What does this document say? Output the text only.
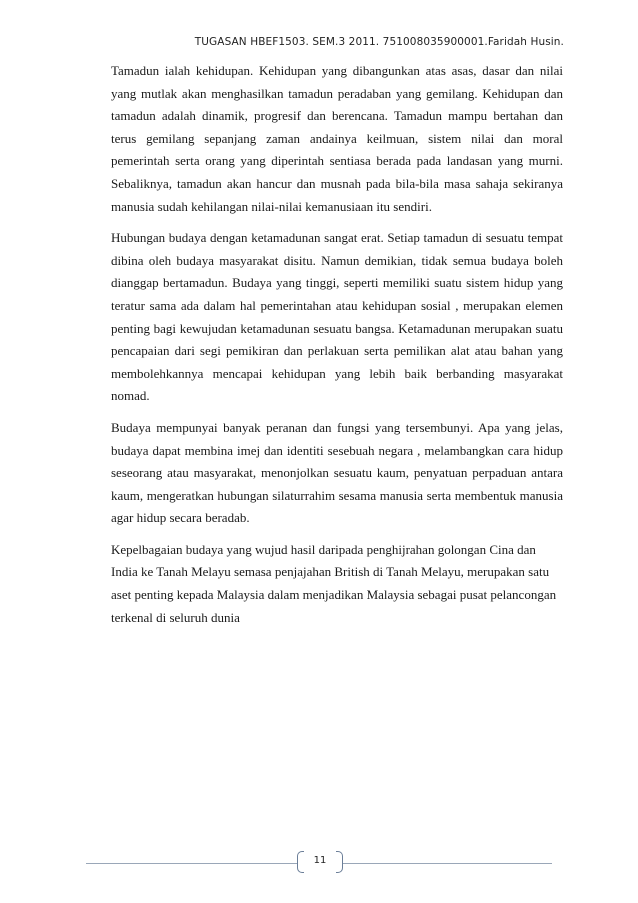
TUGASAN HBEF1503. SEM.3 2011. 751008035900001.Faridah Husin.

Tamadun ialah kehidupan. Kehidupan yang dibangunkan atas asas, dasar dan nilai yang mutlak akan menghasilkan tamadun peradaban yang gemilang. Kehidupan dan tamadun adalah dinamik, progresif dan berencana. Tamadun mampu bertahan dan terus gemilang sepanjang zaman andainya keilmuan, sistem nilai dan moral pemerintah serta orang yang diperintah sentiasa berada pada landasan yang murni. Sebaliknya, tamadun akan hancur dan musnah pada bila-bila masa sahaja sekiranya manusia sudah kehilangan nilai-nilai kemanusiaan itu sendiri.

Hubungan budaya dengan ketamadunan sangat erat. Setiap tamadun di sesuatu tempat dibina oleh budaya masyarakat disitu. Namun demikian, tidak semua budaya boleh dianggap bertamadun. Budaya yang tinggi, seperti memiliki suatu sistem hidup yang teratur sama ada dalam hal pemerintahan atau kehidupan sosial , merupakan elemen penting bagi kewujudan ketamadunan sesuatu bangsa. Ketamadunan merupakan suatu pencapaian dari segi pemikiran dan perlakuan serta pemilikan alat atau bahan yang membolehkannya mencapai kehidupan yang lebih baik berbanding masyarakat nomad.

Budaya mempunyai banyak peranan dan fungsi yang tersembunyi. Apa yang jelas, budaya dapat membina imej dan identiti sesebuah negara , melambangkan cara hidup seseorang atau masyarakat, menonjolkan sesuatu kaum, penyatuan perpaduan antara kaum, mengeratkan hubungan silaturrahim sesama manusia serta membentuk manusia agar hidup secara beradab.

Kepelbagaian budaya yang wujud hasil daripada penghijrahan golongan Cina dan India ke Tanah Melayu semasa penjajahan British di Tanah Melayu, merupakan satu aset penting kepada Malaysia dalam menjadikan Malaysia sebagai pusat pelancongan terkenal di seluruh dunia

11
